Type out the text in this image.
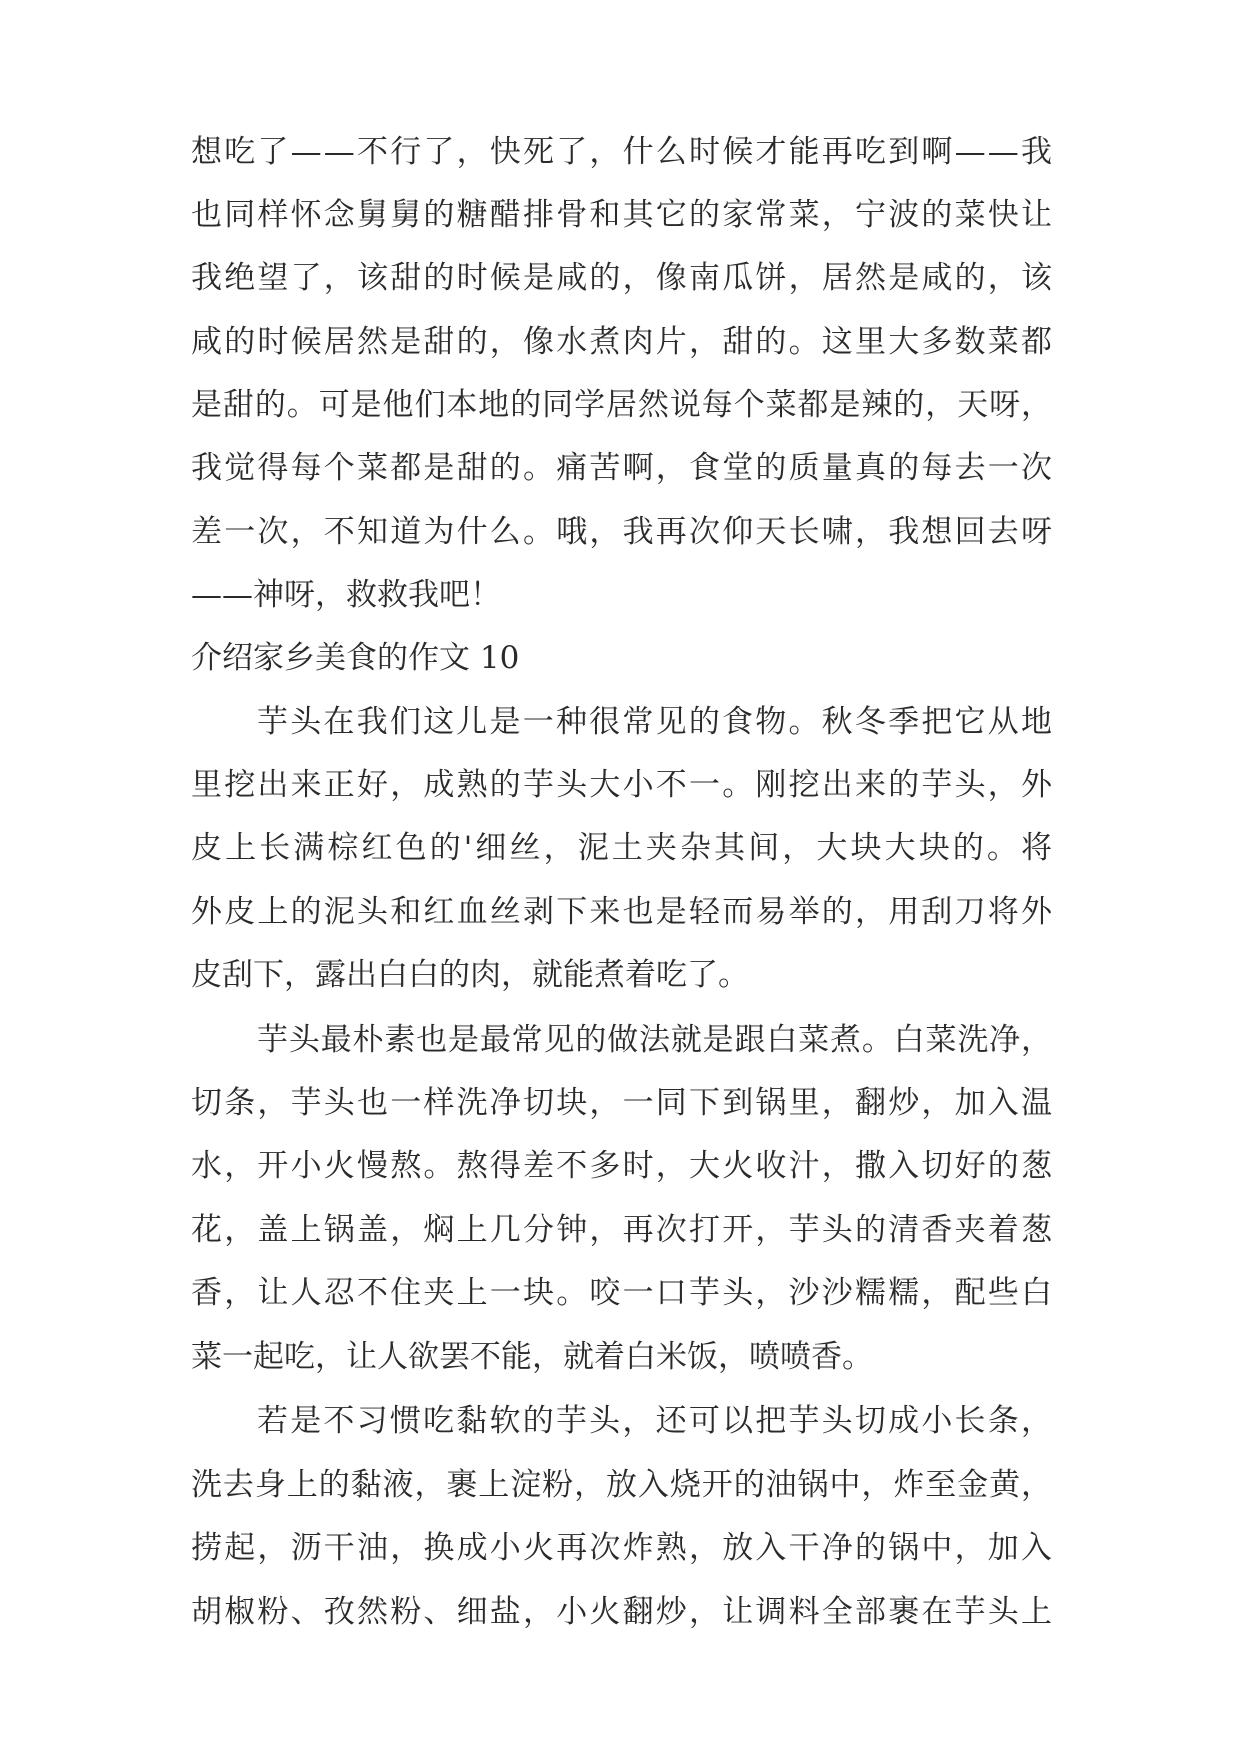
想吃了——不行了，快死了，什么时候才能再吃到啊——我
也同样怀念舅舅的糖醋排骨和其它的家常菜，宁波的菜快让
我绝望了，该甜的时候是咸的，像南瓜饼，居然是咸的，该
咸的时候居然是甜的，像水煮肉片，甜的。这里大多数菜都
是甜的。可是他们本地的同学居然说每个菜都是辣的，天呀，
我觉得每个菜都是甜的。痛苦啊，食堂的质量真的每去一次
差一次，不知道为什么。哦，我再次仰天长啸，我想回去呀
——神呀，救救我吧！
介绍家乡美食的作文 10
芋头在我们这儿是一种很常见的食物。秋冬季把它从地
里挖出来正好，成熟的芋头大小不一。刚挖出来的芋头，外
皮上长满棕红色的'细丝，泥土夹杂其间，大块大块的。将
外皮上的泥头和红血丝剥下来也是轻而易举的，用刮刀将外
皮刮下，露出白白的肉，就能煮着吃了。
芋头最朴素也是最常见的做法就是跟白菜煮。白菜洗净，
切条，芋头也一样洗净切块，一同下到锅里，翻炒，加入温
水，开小火慢熬。熬得差不多时，大火收汁，撒入切好的葱
花，盖上锅盖，焖上几分钟，再次打开，芋头的清香夹着葱
香，让人忍不住夹上一块。咬一口芋头，沙沙糯糯，配些白
菜一起吃，让人欲罢不能，就着白米饭，喷喷香。
若是不习惯吃黏软的芋头，还可以把芋头切成小长条，
洗去身上的黏液，裹上淀粉，放入烧开的油锅中，炸至金黄，
捞起，沥干油，换成小火再次炸熟，放入干净的锅中，加入
胡椒粉、孜然粉、细盐，小火翻炒，让调料全部裹在芋头上
